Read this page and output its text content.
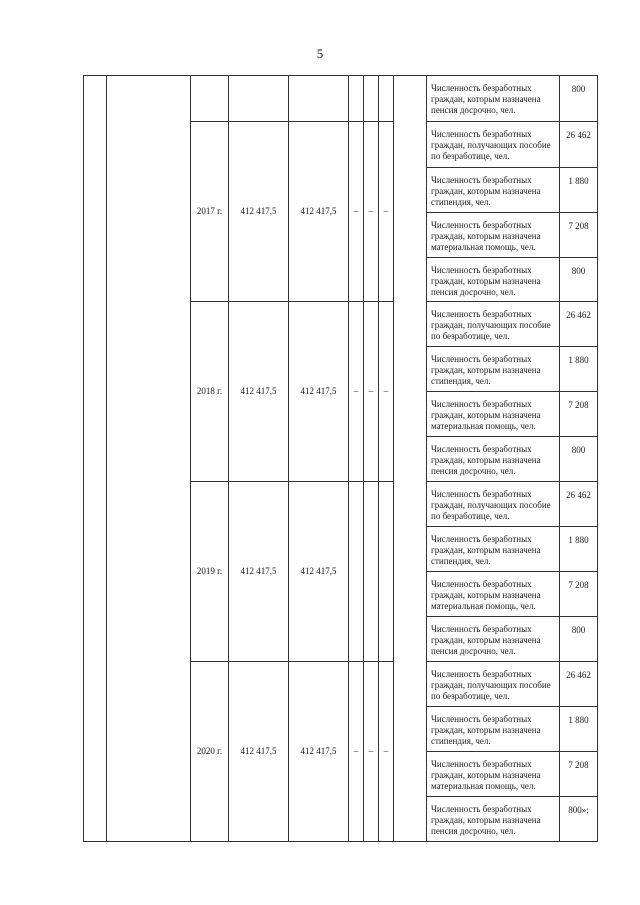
5
									Численность безработных граждан, которым назначена пенсия досрочно, чел.	800
		2017 г.	412 417,5	412 417,5	–	–	–		Численность безработных граждан, получающих пособие по безработице, чел.	26 462
									Численность безработных граждан, которым назначена стипендия, чел.	1 880
									Численность безработных граждан, которым назначена материальная помощь, чел.	7 208
									Численность безработных граждан, которым назначена пенсия досрочно, чел.	800
		2018 г.	412 417,5	412 417,5	–	–	–		Численность безработных граждан, получающих пособие по безработице, чел.	26 462
									Численность безработных граждан, которым назначена стипендия, чел.	1 880
									Численность безработных граждан, которым назначена материальная помощь, чел.	7 208
									Численность безработных граждан, которым назначена пенсия досрочно, чел.	800
		2019 г.	412 417,5	412 417,5					Численность безработных граждан, получающих пособие по безработице, чел.	26 462
									Численность безработных граждан, которым назначена стипендия, чел.	1 880
									Численность безработных граждан, которым назначена материальная помощь, чел.	7 208
									Численность безработных граждан, которым назначена пенсия досрочно, чел.	800
		2020 г.	412 417,5	412 417,5	–	–	–		Численность безработных граждан, получающих пособие по безработице, чел.	26 462
									Численность безработных граждан, которым назначена стипендия, чел.	1 880
									Численность безработных граждан, которым назначена материальная помощь, чел.	7 208
									Численность безработных граждан, которым назначена пенсия досрочно, чел.	800»;
